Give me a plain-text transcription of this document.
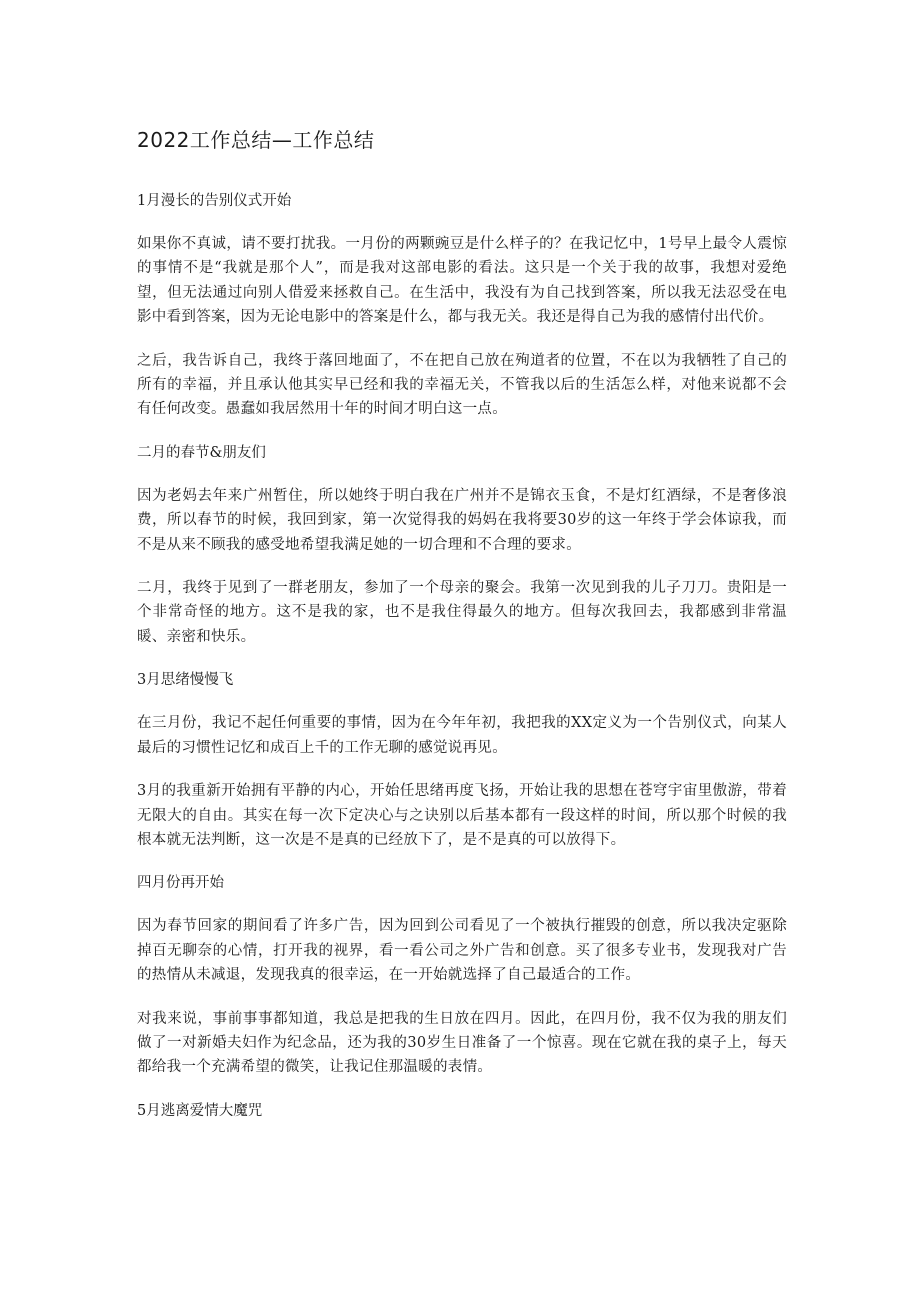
2022工作总结—工作总结
1月漫长的告别仪式开始
如果你不真诚，请不要打扰我。一月份的两颗豌豆是什么样子的？在我记忆中，1号早上最令人震惊的事情不是“我就是那个人”，而是我对这部电影的看法。这只是一个关于我的故事，我想对爱绝望，但无法通过向别人借爱来拯救自己。在生活中，我没有为自己找到答案，所以我无法忍受在电影中看到答案，因为无论电影中的答案是什么，都与我无关。我还是得自己为我的感情付出代价。
之后，我告诉自己，我终于落回地面了，不在把自己放在殉道者的位置，不在以为我牺牲了自己的所有的幸福，并且承认他其实早已经和我的幸福无关，不管我以后的生活怎么样，对他来说都不会有任何改变。愚蠢如我居然用十年的时间才明白这一点。
二月的春节&朋友们
因为老妈去年来广州暂住，所以她终于明白我在广州并不是锦衣玉食，不是灯红酒绿，不是奢侈浪费，所以春节的时候，我回到家，第一次觉得我的妈妈在我将要30岁的这一年终于学会体谅我，而不是从来不顾我的感受地希望我满足她的一切合理和不合理的要求。
二月，我终于见到了一群老朋友，参加了一个母亲的聚会。我第一次见到我的儿子刀刀。贵阳是一个非常奇怪的地方。这不是我的家，也不是我住得最久的地方。但每次我回去，我都感到非常温暖、亲密和快乐。
3月思绪慢慢飞
在三月份，我记不起任何重要的事情，因为在今年年初，我把我的XX定义为一个告别仪式，向某人最后的习惯性记忆和成百上千的工作无聊的感觉说再见。
3月的我重新开始拥有平静的内心，开始任思绪再度飞扬，开始让我的思想在苍穹宇宙里傲游，带着无限大的自由。其实在每一次下定决心与之诀别以后基本都有一段这样的时间，所以那个时候的我根本就无法判断，这一次是不是真的已经放下了，是不是真的可以放得下。
四月份再开始
因为春节回家的期间看了许多广告，因为回到公司看见了一个被执行摧毁的创意，所以我决定驱除掉百无聊奈的心情，打开我的视界，看一看公司之外广告和创意。买了很多专业书，发现我对广告的热情从未减退，发现我真的很幸运，在一开始就选择了自己最适合的工作。
对我来说，事前事事都知道，我总是把我的生日放在四月。因此，在四月份，我不仅为我的朋友们做了一对新婚夫妇作为纪念品，还为我的30岁生日准备了一个惊喜。现在它就在我的桌子上，每天都给我一个充满希望的微笑，让我记住那温暖的表情。
5月逃离爱情大魔咒
